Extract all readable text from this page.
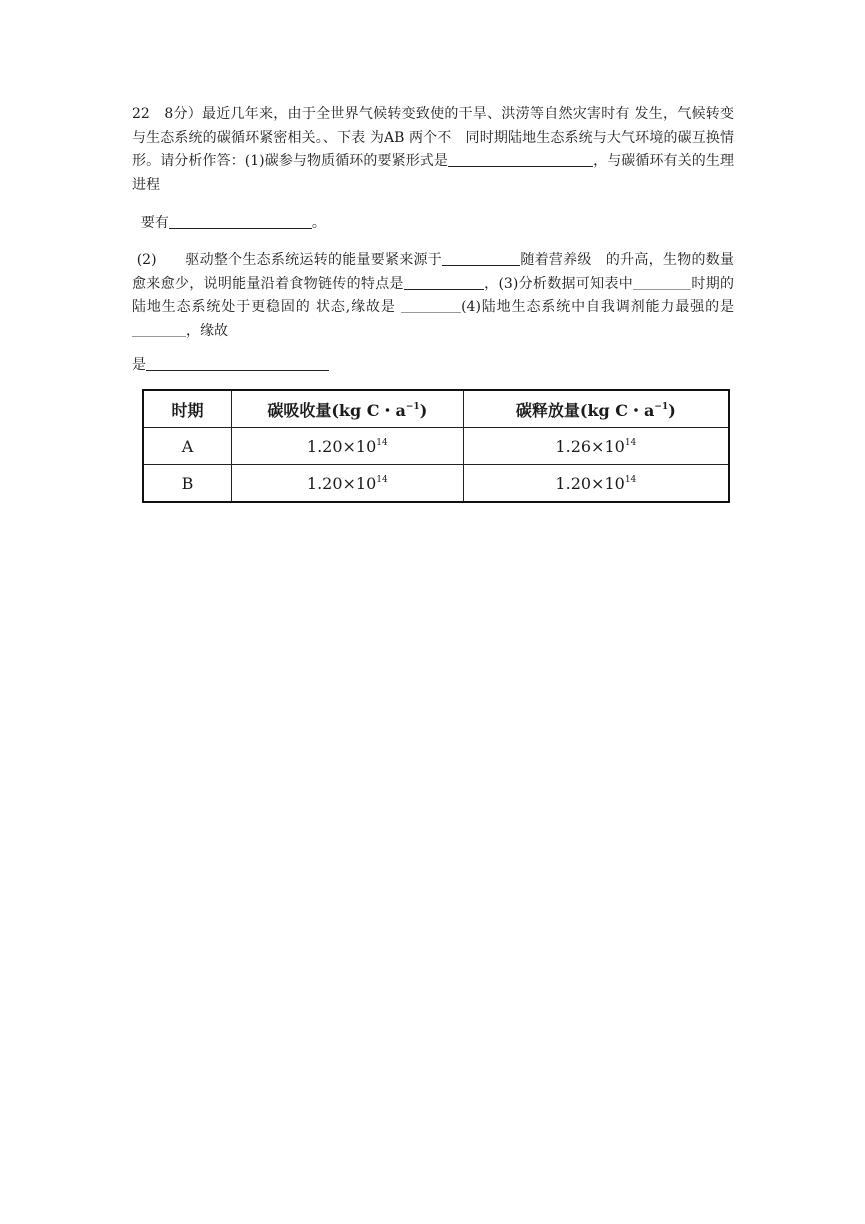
22　8分）最近几年来，由于全世界气候转变致使的干旱、洪涝等自然灾害时有 发生，气候转变与生态系统的碳循环紧密相关。、下表 为AB 两个不　同时期陆地生态系统与大气环境的碳互换情形。请分析作答：(1)碳参与物质循环的要紧形式是	，与碳循环有关的生理进程
要有	。
(2)　　驱动整个生态系统运转的能量要紧来源于	随着营养级　的升高，生物的数量愈来愈少，说明能量沿着食物链传的特点是	，(3)分析数据可知表中	时期的陆地生态系统处于更稳固的 状态,缘故是	(4)陆地生态系统中自我调剂能力最强的是 ，缘故
是
时期	碳吸收量(kg C・$a^{-1}$)	碳释放量(kg C・$a^{-1}$)
A	$1.20\times 10^{14}$	$1.26\times 10^{14}$
B	$1.20\times 10^{14}$	$1.20\times 10^{14}$
